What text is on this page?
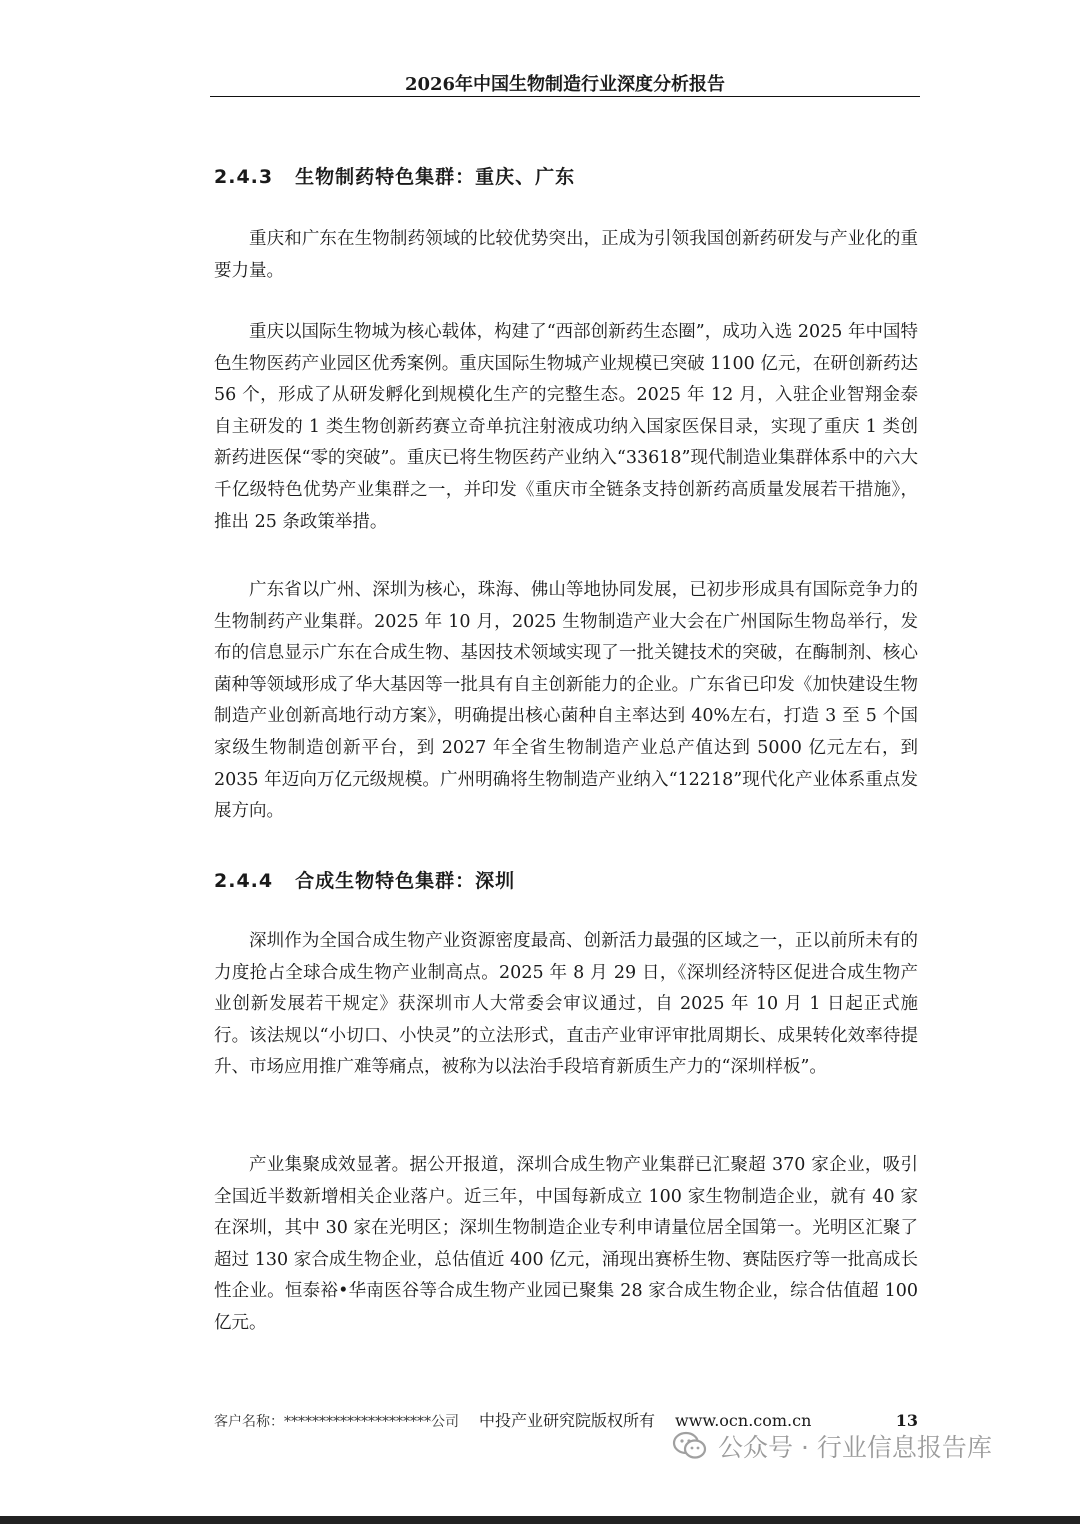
2026年中国生物制造行业深度分析报告
2.4.3 生物制药特色集群：重庆、广东

重庆和广东在生物制药领域的比较优势突出，正成为引领我国创新药研发与产业化的重要力量。

重庆以国际生物城为核心载体，构建了“西部创新药生态圈”，成功入选 2025 年中国特色生物医药产业园区优秀案例。重庆国际生物城产业规模已突破 1100 亿元，在研创新药达 56 个，形成了从研发孵化到规模化生产的完整生态。2025 年 12 月，入驻企业智翔金泰自主研发的 1 类生物创新药赛立奇单抗注射液成功纳入国家医保目录，实现了重庆 1 类创新药进医保“零的突破”。重庆已将生物医药产业纳入“33618”现代制造业集群体系中的六大千亿级特色优势产业集群之一，并印发《重庆市全链条支持创新药高质量发展若干措施》，推出 25 条政策举措。

广东省以广州、深圳为核心，珠海、佛山等地协同发展，已初步形成具有国际竞争力的生物制药产业集群。2025 年 10 月，2025 生物制造产业大会在广州国际生物岛举行，发布的信息显示广东在合成生物、基因技术领域实现了一批关键技术的突破，在酶制剂、核心菌种等领域形成了华大基因等一批具有自主创新能力的企业。广东省已印发《加快建设生物制造产业创新高地行动方案》，明确提出核心菌种自主率达到 40%左右，打造 3 至 5 个国家级生物制造创新平台，到 2027 年全省生物制造产业总产值达到 5000 亿元左右，到 2035 年迈向万亿元级规模。广州明确将生物制造产业纳入“12218”现代化产业体系重点发展方向。

2.4.4 合成生物特色集群：深圳

深圳作为全国合成生物产业资源密度最高、创新活力最强的区域之一，正以前所未有的力度抢占全球合成生物产业制高点。2025 年 8 月 29 日，《深圳经济特区促进合成生物产业创新发展若干规定》获深圳市人大常委会审议通过，自 2025 年 10 月 1 日起正式施行。该法规以“小切口、小快灵”的立法形式，直击产业审评审批周期长、成果转化效率待提升、市场应用推广难等痛点，被称为以法治手段培育新质生产力的“深圳样板”。

产业集聚成效显著。据公开报道，深圳合成生物产业集群已汇聚超 370 家企业，吸引全国近半数新增相关企业落户。近三年，中国每新成立 100 家生物制造企业，就有 40 家在深圳，其中 30 家在光明区；深圳生物制造企业专利申请量位居全国第一。光明区汇聚了超过 130 家合成生物企业，总估值近 400 亿元，涌现出赛桥生物、赛陆医疗等一批高成长性企业。恒泰裕•华南医谷等合成生物产业园已聚集 28 家合成生物企业，综合估值超 100 亿元。

客户名称：*********************公司 中投产业研究院版权所有 www.ocn.com.cn	13
公众号 · 行业信息报告库
